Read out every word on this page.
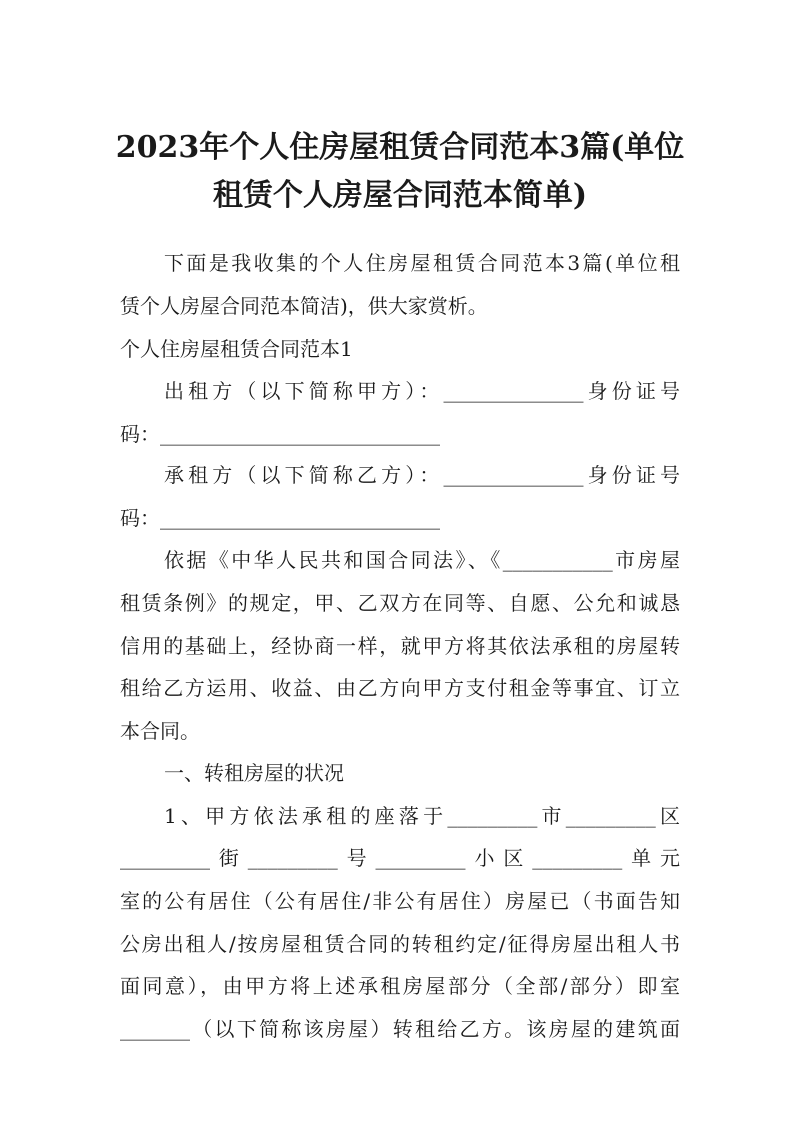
2023年个人住房屋租赁合同范本3篇(单位
租赁个人房屋合同范本简单)
下面是我收集的个人住房屋租赁合同范本3篇(单位租
赁个人房屋合同范本简洁)，供大家赏析。
个人住房屋租赁合同范本1
出租方（以下简称甲方）：______________身份证号
码：____________________________
承租方（以下简称乙方）：______________身份证号
码：____________________________
依据《中华人民共和国合同法》、《___________市房屋
租赁条例》的规定，甲、乙双方在同等、自愿、公允和诚恳
信用的基础上，经协商一样，就甲方将其依法承租的房屋转
租给乙方运用、收益、由乙方向甲方支付租金等事宜、订立
本合同。
一、转租房屋的状况
1、甲方依法承租的座落于_________市_________区
_________街_________号_________小区_________单元
室的公有居住（公有居住/非公有居住）房屋已（书面告知
公房出租人/按房屋租赁合同的转租约定/征得房屋出租人书
面同意），由甲方将上述承租房屋部分（全部/部分）即室
_______（以下简称该房屋）转租给乙方。该房屋的建筑面
